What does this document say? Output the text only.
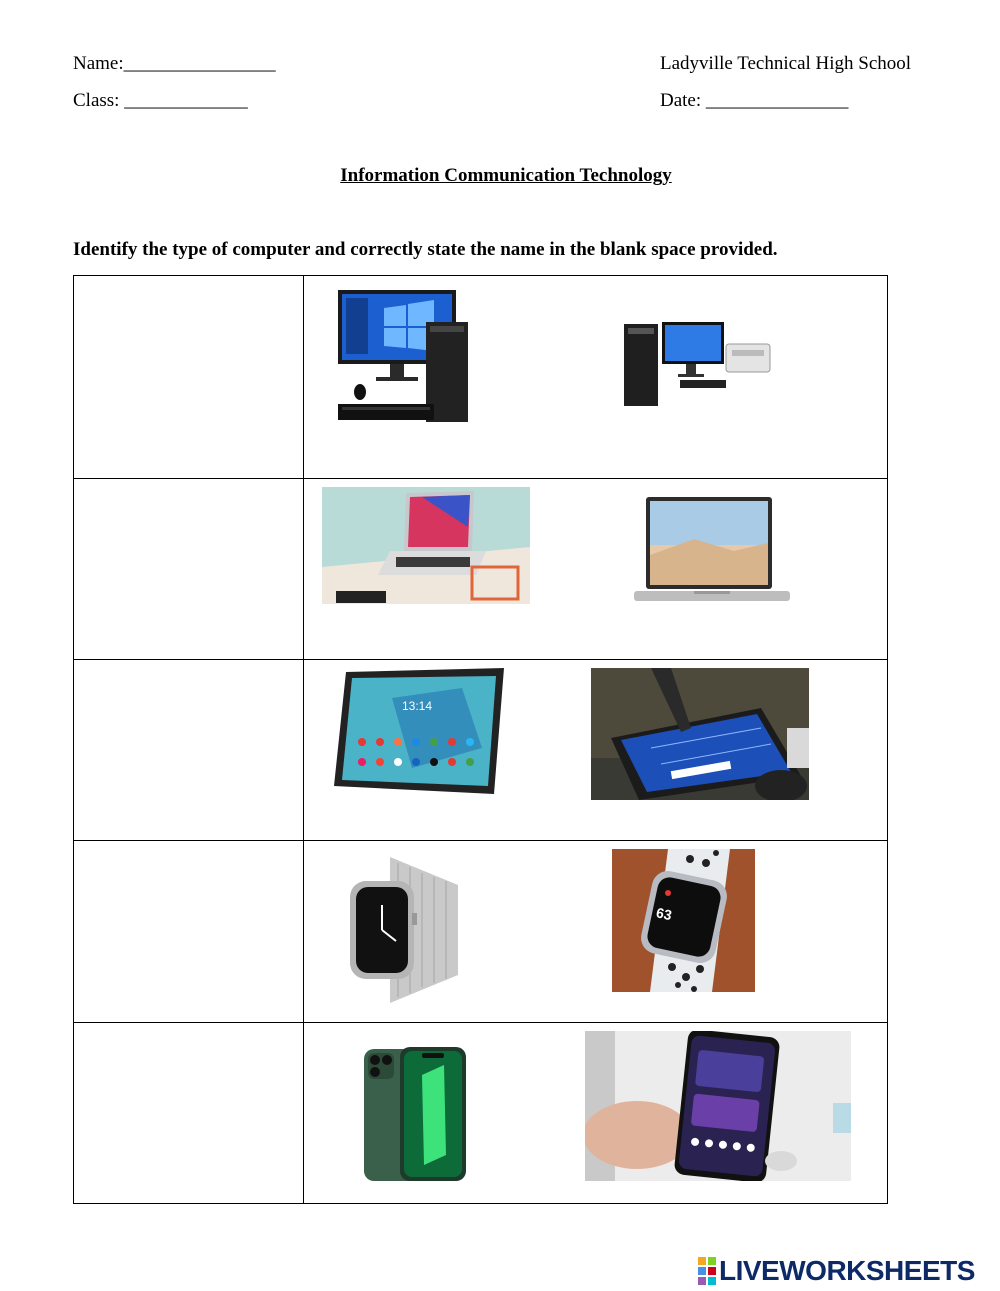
Name:________________
Class: _____________
Ladyville Technical High School
Date: _______________
Information Communication Technology
Identify the type of computer and correctly state the name in the blank space provided.

13:14

63

LIVEWORKSHEETS
